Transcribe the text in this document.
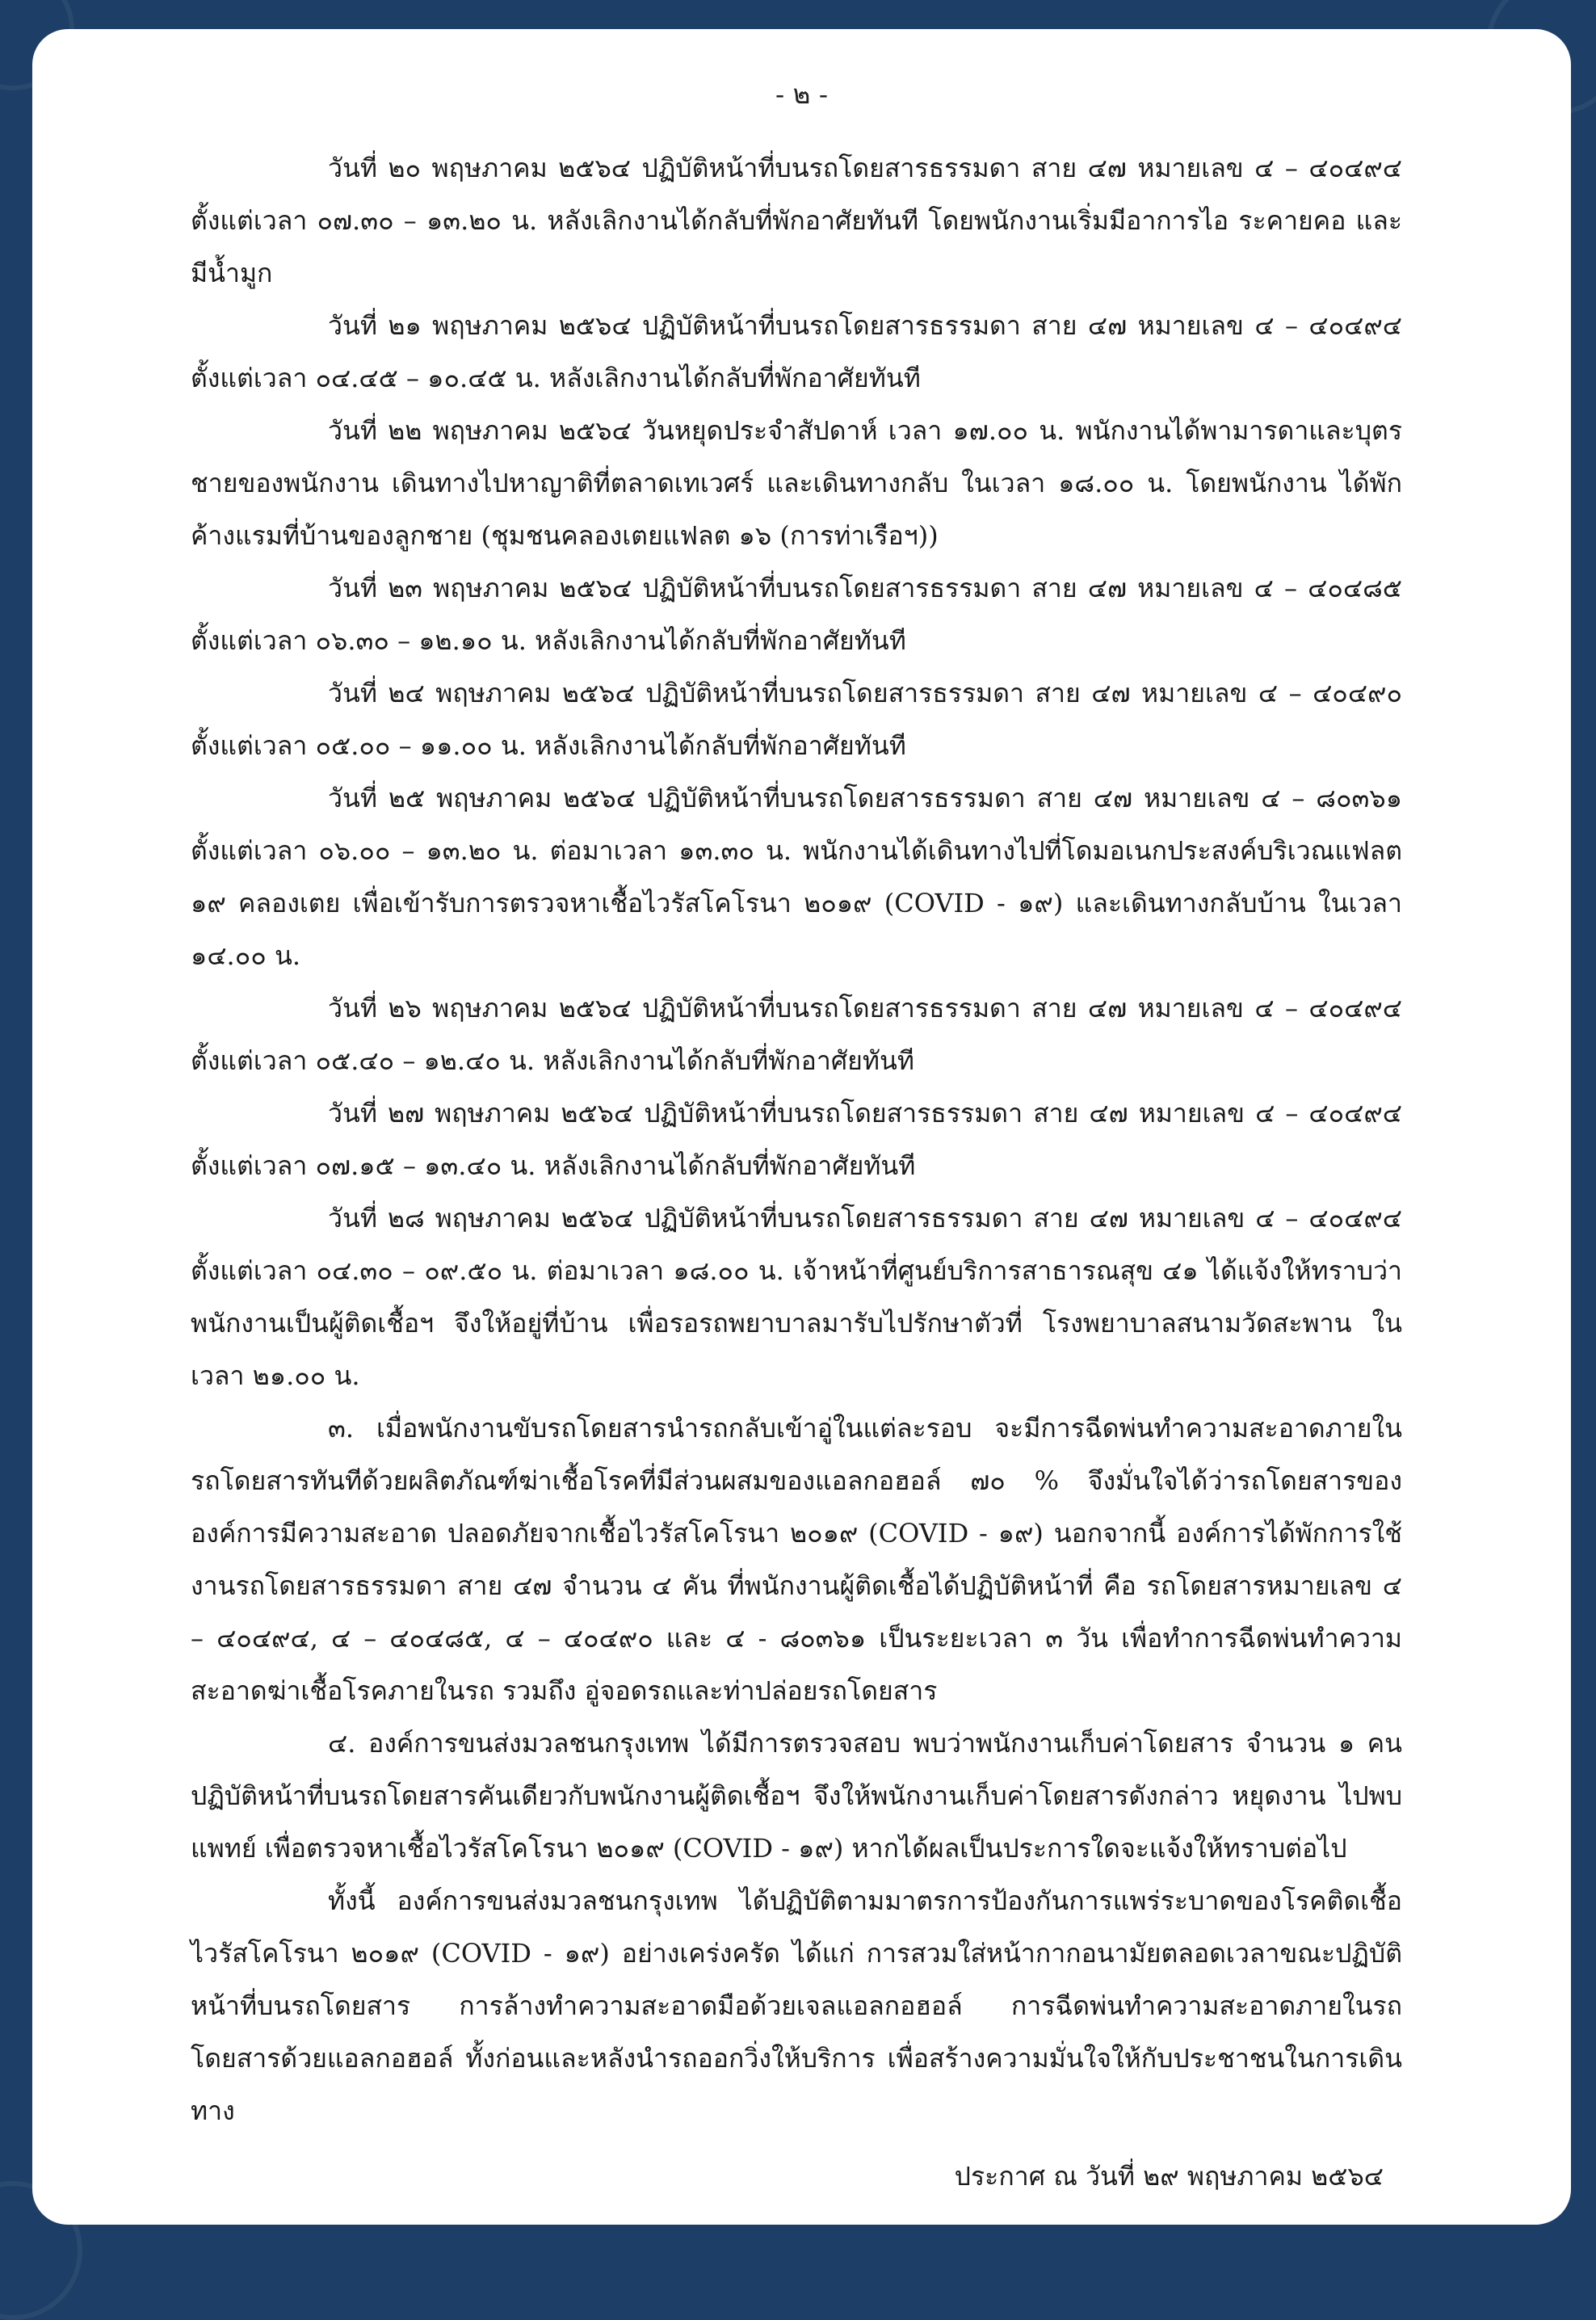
- ๒ -

วันที่ ๒๐ พฤษภาคม ๒๕๖๔ ปฏิบัติหน้าที่บนรถโดยสารธรรมดา สาย ๔๗ หมายเลข ๔ – ๔๐๔๙๔ ตั้งแต่เวลา ๐๗.๓๐ – ๑๓.๒๐ น. หลังเลิกงานได้กลับที่พักอาศัยทันที โดยพนักงานเริ่มมีอาการไอ ระคายคอ และมีน้ำมูก

วันที่ ๒๑ พฤษภาคม ๒๕๖๔ ปฏิบัติหน้าที่บนรถโดยสารธรรมดา สาย ๔๗ หมายเลข ๔ – ๔๐๔๙๔ ตั้งแต่เวลา ๐๔.๔๕ – ๑๐.๔๕ น. หลังเลิกงานได้กลับที่พักอาศัยทันที

วันที่ ๒๒ พฤษภาคม ๒๕๖๔ วันหยุดประจำสัปดาห์ เวลา ๑๗.๐๐ น. พนักงานได้พามารดาและบุตรชายของพนักงาน เดินทางไปหาญาติที่ตลาดเทเวศร์ และเดินทางกลับ ในเวลา ๑๘.๐๐ น. โดยพนักงาน ได้พักค้างแรมที่บ้านของลูกชาย (ชุมชนคลองเตยแฟลต ๑๖ (การท่าเรือฯ))

วันที่ ๒๓ พฤษภาคม ๒๕๖๔ ปฏิบัติหน้าที่บนรถโดยสารธรรมดา สาย ๔๗ หมายเลข ๔ – ๔๐๔๘๕ ตั้งแต่เวลา ๐๖.๓๐ – ๑๒.๑๐ น. หลังเลิกงานได้กลับที่พักอาศัยทันที

วันที่ ๒๔ พฤษภาคม ๒๕๖๔ ปฏิบัติหน้าที่บนรถโดยสารธรรมดา สาย ๔๗ หมายเลข ๔ – ๔๐๔๙๐ ตั้งแต่เวลา ๐๕.๐๐ – ๑๑.๐๐ น. หลังเลิกงานได้กลับที่พักอาศัยทันที

วันที่ ๒๕ พฤษภาคม ๒๕๖๔ ปฏิบัติหน้าที่บนรถโดยสารธรรมดา สาย ๔๗ หมายเลข ๔ – ๘๐๓๖๑ ตั้งแต่เวลา ๐๖.๐๐ – ๑๓.๒๐ น. ต่อมาเวลา ๑๓.๓๐ น. พนักงานได้เดินทางไปที่โดมอเนกประสงค์บริเวณแฟลต ๑๙ คลองเตย เพื่อเข้ารับการตรวจหาเชื้อไวรัสโคโรนา ๒๐๑๙ (COVID - ๑๙) และเดินทางกลับบ้าน ในเวลา ๑๔.๐๐ น.

วันที่ ๒๖ พฤษภาคม ๒๕๖๔ ปฏิบัติหน้าที่บนรถโดยสารธรรมดา สาย ๔๗ หมายเลข ๔ – ๔๐๔๙๔ ตั้งแต่เวลา ๐๕.๔๐ – ๑๒.๔๐ น. หลังเลิกงานได้กลับที่พักอาศัยทันที

วันที่ ๒๗ พฤษภาคม ๒๕๖๔ ปฏิบัติหน้าที่บนรถโดยสารธรรมดา สาย ๔๗ หมายเลข ๔ – ๔๐๔๙๔ ตั้งแต่เวลา ๐๗.๑๕ – ๑๓.๔๐ น. หลังเลิกงานได้กลับที่พักอาศัยทันที

วันที่ ๒๘ พฤษภาคม ๒๕๖๔ ปฏิบัติหน้าที่บนรถโดยสารธรรมดา สาย ๔๗ หมายเลข ๔ – ๔๐๔๙๔ ตั้งแต่เวลา ๐๔.๓๐ – ๐๙.๕๐ น. ต่อมาเวลา ๑๘.๐๐ น. เจ้าหน้าที่ศูนย์บริการสาธารณสุข ๔๑ ได้แจ้งให้ทราบว่า พนักงานเป็นผู้ติดเชื้อฯ จึงให้อยู่ที่บ้าน เพื่อรอรถพยาบาลมารับไปรักษาตัวที่ โรงพยาบาลสนามวัดสะพาน ในเวลา ๒๑.๐๐ น.

๓. เมื่อพนักงานขับรถโดยสารนำรถกลับเข้าอู่ในแต่ละรอบ จะมีการฉีดพ่นทำความสะอาดภายในรถโดยสารทันทีด้วยผลิตภัณฑ์ฆ่าเชื้อโรคที่มีส่วนผสมของแอลกอฮอล์ ๗๐ % จึงมั่นใจได้ว่ารถโดยสารขององค์การมีความสะอาด ปลอดภัยจากเชื้อไวรัสโคโรนา ๒๐๑๙ (COVID - ๑๙) นอกจากนี้ องค์การได้พักการใช้งานรถโดยสารธรรมดา สาย ๔๗ จำนวน ๔ คัน ที่พนักงานผู้ติดเชื้อได้ปฏิบัติหน้าที่ คือ รถโดยสารหมายเลข ๔ – ๔๐๔๙๔, ๔ – ๔๐๔๘๕, ๔ – ๔๐๔๙๐ และ ๔ - ๘๐๓๖๑ เป็นระยะเวลา ๓ วัน เพื่อทำการฉีดพ่นทำความสะอาดฆ่าเชื้อโรคภายในรถ รวมถึง อู่จอดรถและท่าปล่อยรถโดยสาร

๔. องค์การขนส่งมวลชนกรุงเทพ ได้มีการตรวจสอบ พบว่าพนักงานเก็บค่าโดยสาร จำนวน ๑ คน ปฏิบัติหน้าที่บนรถโดยสารคันเดียวกับพนักงานผู้ติดเชื้อฯ จึงให้พนักงานเก็บค่าโดยสารดังกล่าว หยุดงาน ไปพบแพทย์ เพื่อตรวจหาเชื้อไวรัสโคโรนา ๒๐๑๙ (COVID - ๑๙) หากได้ผลเป็นประการใดจะแจ้งให้ทราบต่อไป

ทั้งนี้ องค์การขนส่งมวลชนกรุงเทพ ได้ปฏิบัติตามมาตรการป้องกันการแพร่ระบาดของโรคติดเชื้อไวรัสโคโรนา ๒๐๑๙ (COVID - ๑๙) อย่างเคร่งครัด ได้แก่ การสวมใส่หน้ากากอนามัยตลอดเวลาขณะปฏิบัติหน้าที่บนรถโดยสาร การล้างทำความสะอาดมือด้วยเจลแอลกอฮอล์ การฉีดพ่นทำความสะอาดภายในรถโดยสารด้วยแอลกอฮอล์ ทั้งก่อนและหลังนำรถออกวิ่งให้บริการ เพื่อสร้างความมั่นใจให้กับประชาชนในการเดินทาง

ประกาศ ณ วันที่ ๒๙ พฤษภาคม ๒๕๖๔
